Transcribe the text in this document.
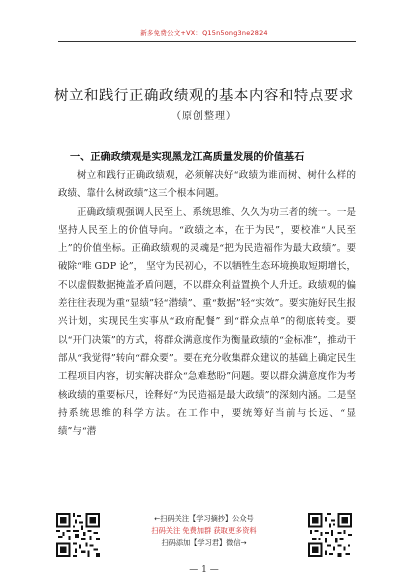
新多免费公文+VX：Q15n5ong3ne2824
树立和践行正确政绩观的基本内容和特点要求
（原创整理）
一、正确政绩观是实现黑龙江高质量发展的价值基石

树立和践行正确政绩观，必须解决好“政绩为谁而树、树什么样的政绩、靠什么树政绩”这三个根本问题。

正确政绩观强调人民至上、系统思维、久久为功三者的统一。一是坚持人民至上的价值导向。“政绩之本，在于为民”，要校准“人民至上”的价值坐标。正确政绩观的灵魂是“把为民造福作为最大政绩”。要破除“唯 GDP 论”， 坚守为民初心，不以牺牲生态环境换取短期增长，不以虚假数据掩盖矛盾问题，不以群众利益置换个人升迁。政绩观的偏差往往表现为重“显绩”轻“潜绩”、重“数据”轻“实效”。要实施好民生报兴计划，实现民生实事从“政府配餐” 到“群众点单”的彻底转变。要以“开门决策”的方式，将群众满意度作为衡量政绩的“金标准”，推动干部从“我觉得”转向“群众要”。要在充分收集群众建议的基础上确定民生工程项目内容，切实解决群众“急难愁盼”问题。要以群众满意度作为考核政绩的重要标尺，诠释好“为民造福是最大政绩”的深刻内涵。二是坚持系统思维的科学方法。在工作中，要统筹好当前与长远、“显绩”与“潜

←扫码关注【学习摘抄】公众号
扫码关注 免费加群 获取更多资料
扫码添加【学习君】微信→
— 1 —
